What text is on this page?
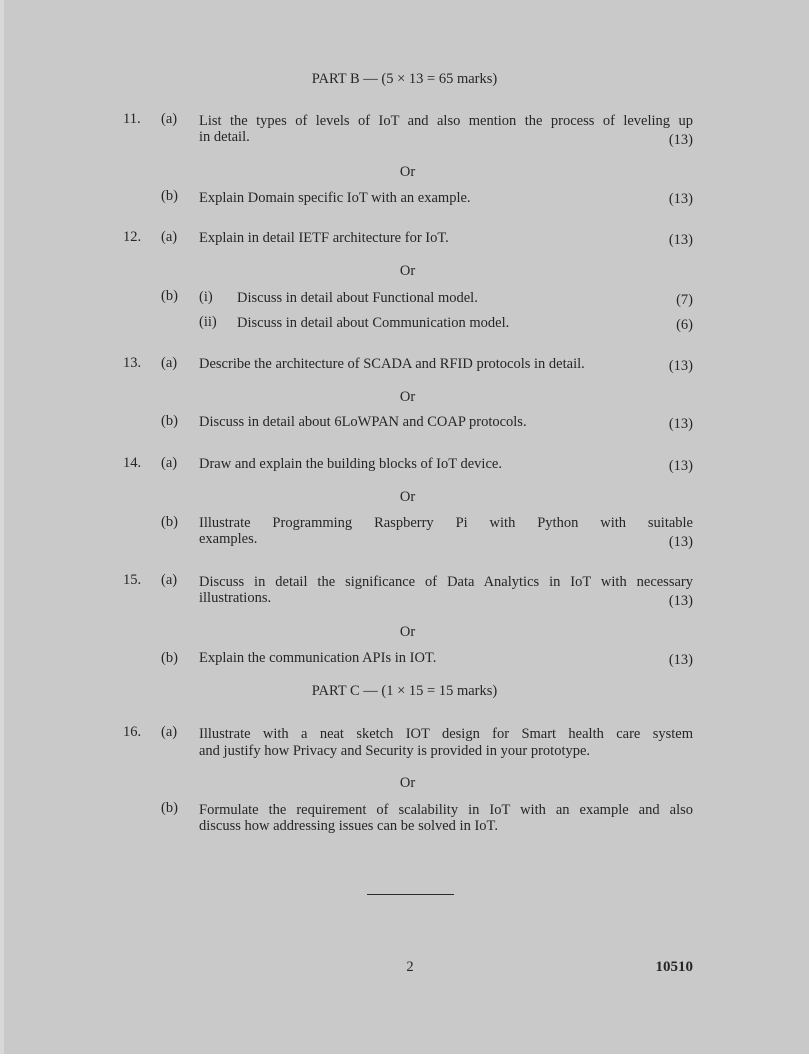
PART B — (5 × 13 = 65 marks)
11. (a) List the types of levels of IoT and also mention the process of leveling up
in detail.	(13)
Or
(b) Explain Domain specific IoT with an example.	(13)
12. (a) Explain in detail IETF architecture for IoT.	(13)
Or
(b) (i) Discuss in detail about Functional model.	(7)
(ii) Discuss in detail about Communication model.	(6)
13. (a) Describe the architecture of SCADA and RFID protocols in detail.	(13)
Or
(b) Discuss in detail about 6LoWPAN and COAP protocols.	(13)
14. (a) Draw and explain the building blocks of IoT device.	(13)
Or
(b) Illustrate Programming Raspberry Pi with Python with suitable
examples.	(13)
15. (a) Discuss in detail the significance of Data Analytics in IoT with necessary
illustrations.	(13)
Or
(b) Explain the communication APIs in IOT.	(13)
PART C — (1 × 15 = 15 marks)
16. (a) Illustrate with a neat sketch IOT design for Smart health care system
and justify how Privacy and Security is provided in your prototype.
Or
(b) Formulate the requirement of scalability in IoT with an example and also
discuss how addressing issues can be solved in IoT.
2	10510
